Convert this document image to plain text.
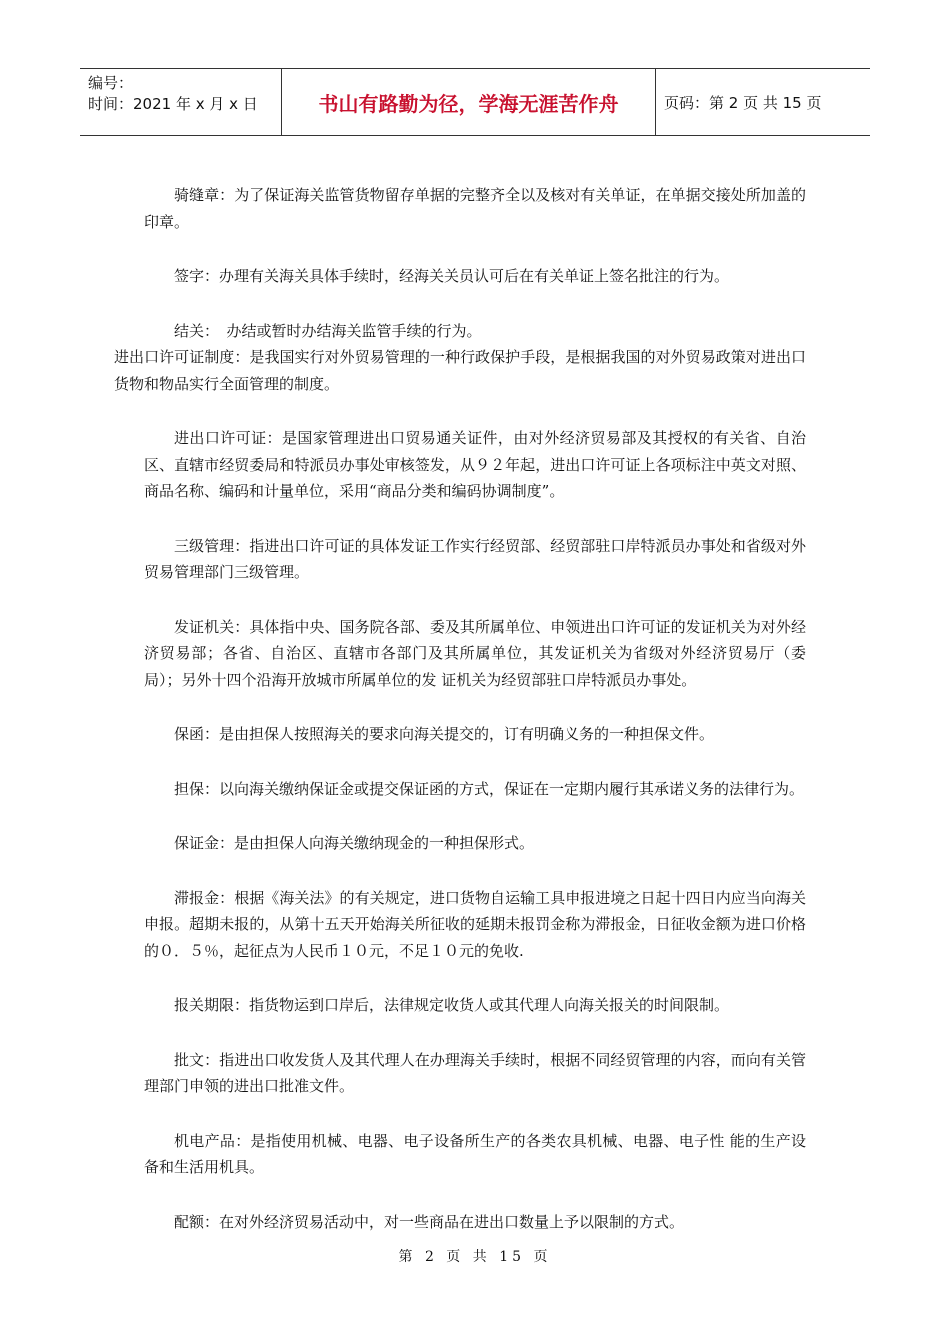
编号：
时间：2021 年 x 月 x 日	书山有路勤为径，学海无涯苦作舟	页码：第 2 页 共 15 页

骑缝章：为了保证海关监管货物留存单据的完整齐全以及核对有关单证，在单据交接处所加盖的印章。

签字：办理有关海关具体手续时，经海关关员认可后在有关单证上签名批注的行为。

结关：　办结或暂时办结海关监管手续的行为。

进出口许可证制度：是我国实行对外贸易管理的一种行政保护手段，是根据我国的对外贸易政策对进出口货物和物品实行全面管理的制度。

进出口许可证：是国家管理进出口贸易通关证件，由对外经济贸易部及其授权的有关省、自治区、直辖市经贸委局和特派员办事处审核签发，从９２年起，进出口许可证上各项标注中英文对照、商品名称、编码和计量单位，采用“商品分类和编码协调制度”。

三级管理：指进出口许可证的具体发证工作实行经贸部、经贸部驻口岸特派员办事处和省级对外贸易管理部门三级管理。

发证机关：具体指中央、国务院各部、委及其所属单位、申领进出口许可证的发证机关为对外经济贸易部；各省、自治区、直辖市各部门及其所属单位，其发证机关为省级对外经济贸易厅（委局）；另外十四个沿海开放城市所属单位的发 证机关为经贸部驻口岸特派员办事处。

保函：是由担保人按照海关的要求向海关提交的，订有明确义务的一种担保文件。

担保：以向海关缴纳保证金或提交保证函的方式，保证在一定期内履行其承诺义务的法律行为。

保证金：是由担保人向海关缴纳现金的一种担保形式。

滞报金：根据《海关法》的有关规定，进口货物自运输工具申报进境之日起十四日内应当向海关申报。超期未报的，从第十五天开始海关所征收的延期未报罚金称为滞报金，日征收金额为进口价格的０．５％，起征点为人民币１０元，不足１０元的免收.

报关期限：指货物运到口岸后，法律规定收货人或其代理人向海关报关的时间限制。

批文：指进出口收发货人及其代理人在办理海关手续时，根据不同经贸管理的内容，而向有关管理部门申领的进出口批准文件。

机电产品：是指使用机械、电器、电子设备所生产的各类农具机械、电器、电子性 能的生产设备和生活用机具。

配额：在对外经济贸易活动中，对一些商品在进出口数量上予以限制的方式。

第 2 页 共 15 页
